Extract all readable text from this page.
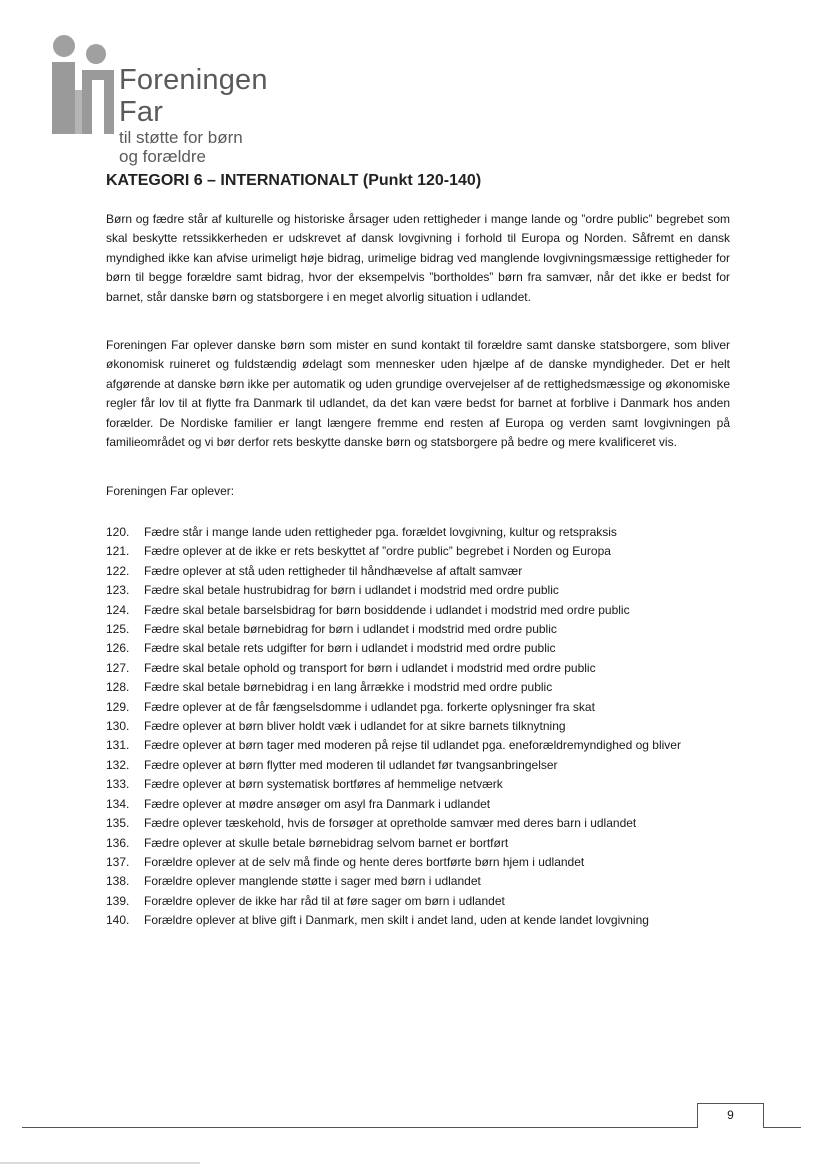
Foreningen Far
til støtte for børn
og forældre
KATEGORI 6 – INTERNATIONALT (Punkt 120-140)

Børn og fædre står af kulturelle og historiske årsager uden rettigheder i mange lande og ”ordre public” begrebet som skal beskytte retssikkerheden er udskrevet af dansk lovgivning i forhold til Europa og Norden. Såfremt en dansk myndighed ikke kan afvise urimeligt høje bidrag, urimelige bidrag ved manglende lovgivningsmæssige rettigheder for børn til begge forældre samt bidrag, hvor der eksempelvis ”bortholdes” børn fra samvær, når det ikke er bedst for barnet, står danske børn og statsborgere i en meget alvorlig situation i udlandet.

Foreningen Far oplever danske børn som mister en sund kontakt til forældre samt danske statsborgere, som bliver økonomisk ruineret og fuldstændig ødelagt som mennesker uden hjælpe af de danske myndigheder. Det er helt afgørende at danske børn ikke per automatik og uden grundige overvejelser af de rettighedsmæssige og økonomiske regler får lov til at flytte fra Danmark til udlandet, da det kan være bedst for barnet at forblive i Danmark hos anden forælder. De Nordiske familier er langt længere fremme end resten af Europa og verden samt lovgivningen på familieområdet og vi bør derfor rets beskytte danske børn og statsborgere på bedre og mere kvalificeret vis.

Foreningen Far oplever:

120.	Fædre står i mange lande uden rettigheder pga. forældet lovgivning, kultur og retspraksis
121.	Fædre oplever at de ikke er rets beskyttet af ”ordre public” begrebet i Norden og Europa
122.	Fædre oplever at stå uden rettigheder til håndhævelse af aftalt samvær
123.	Fædre skal betale hustrubidrag for børn i udlandet i modstrid med ordre public
124.	Fædre skal betale barselsbidrag for børn bosiddende i udlandet i modstrid med ordre public
125.	Fædre skal betale børnebidrag for børn i udlandet i modstrid med ordre public
126.	Fædre skal betale rets udgifter for børn i udlandet i modstrid med ordre public
127.	Fædre skal betale ophold og transport for børn i udlandet i modstrid med ordre public
128.	Fædre skal betale børnebidrag i en lang årrække i modstrid med ordre public
129.	Fædre oplever at de får fængselsdomme i udlandet pga. forkerte oplysninger fra skat
130.	Fædre oplever at børn bliver holdt væk i udlandet for at sikre barnets tilknytning
131.	Fædre oplever at børn tager med moderen på rejse til udlandet pga. eneforældremyndighed og bliver
132.	Fædre oplever at børn flytter med moderen til udlandet før tvangsanbringelser
133.	Fædre oplever at børn systematisk bortføres af hemmelige netværk
134.	Fædre oplever at mødre ansøger om asyl fra Danmark i udlandet
135.	Fædre oplever tæskehold, hvis de forsøger at opretholde samvær med deres barn i udlandet
136.	Fædre oplever at skulle betale børnebidrag selvom barnet er bortført
137.	Forældre oplever at de selv må finde og hente deres bortførte børn hjem i udlandet
138.	Forældre oplever manglende støtte i sager med børn i udlandet
139.	Forældre oplever de ikke har råd til at føre sager om børn i udlandet
140.	Forældre oplever at blive gift i Danmark, men skilt i andet land, uden at kende landet lovgivning
9
